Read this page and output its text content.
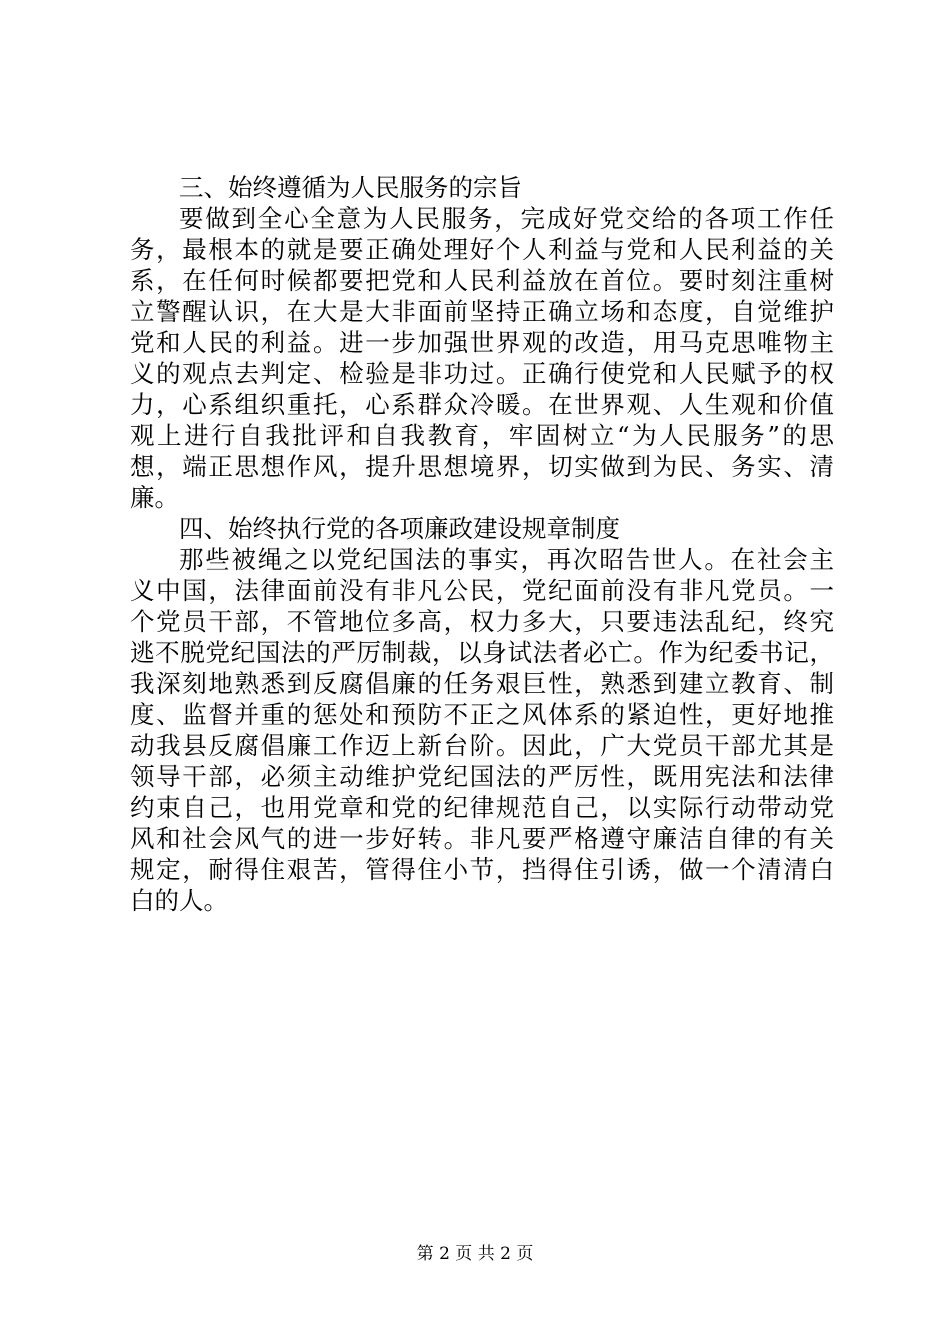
三、始终遵循为人民服务的宗旨
要做到全心全意为人民服务，完成好党交给的各项工作任
务，最根本的就是要正确处理好个人利益与党和人民利益的关
系，在任何时候都要把党和人民利益放在首位。要时刻注重树
立警醒认识，在大是大非面前坚持正确立场和态度，自觉维护
党和人民的利益。进一步加强世界观的改造，用马克思唯物主
义的观点去判定、检验是非功过。正确行使党和人民赋予的权
力，心系组织重托，心系群众冷暖。在世界观、人生观和价值
观上进行自我批评和自我教育，牢固树立“为人民服务”的思
想，端正思想作风，提升思想境界，切实做到为民、务实、清
廉。
四、始终执行党的各项廉政建设规章制度
那些被绳之以党纪国法的事实，再次昭告世人。在社会主
义中国，法律面前没有非凡公民，党纪面前没有非凡党员。一
个党员干部，不管地位多高，权力多大，只要违法乱纪，终究
逃不脱党纪国法的严厉制裁，以身试法者必亡。作为纪委书记，
我深刻地熟悉到反腐倡廉的任务艰巨性，熟悉到建立教育、制
度、监督并重的惩处和预防不正之风体系的紧迫性，更好地推
动我县反腐倡廉工作迈上新台阶。因此，广大党员干部尤其是
领导干部，必须主动维护党纪国法的严厉性，既用宪法和法律
约束自己，也用党章和党的纪律规范自己，以实际行动带动党
风和社会风气的进一步好转。非凡要严格遵守廉洁自律的有关
规定，耐得住艰苦，管得住小节，挡得住引诱，做一个清清白
白的人。
第 2 页 共 2 页
